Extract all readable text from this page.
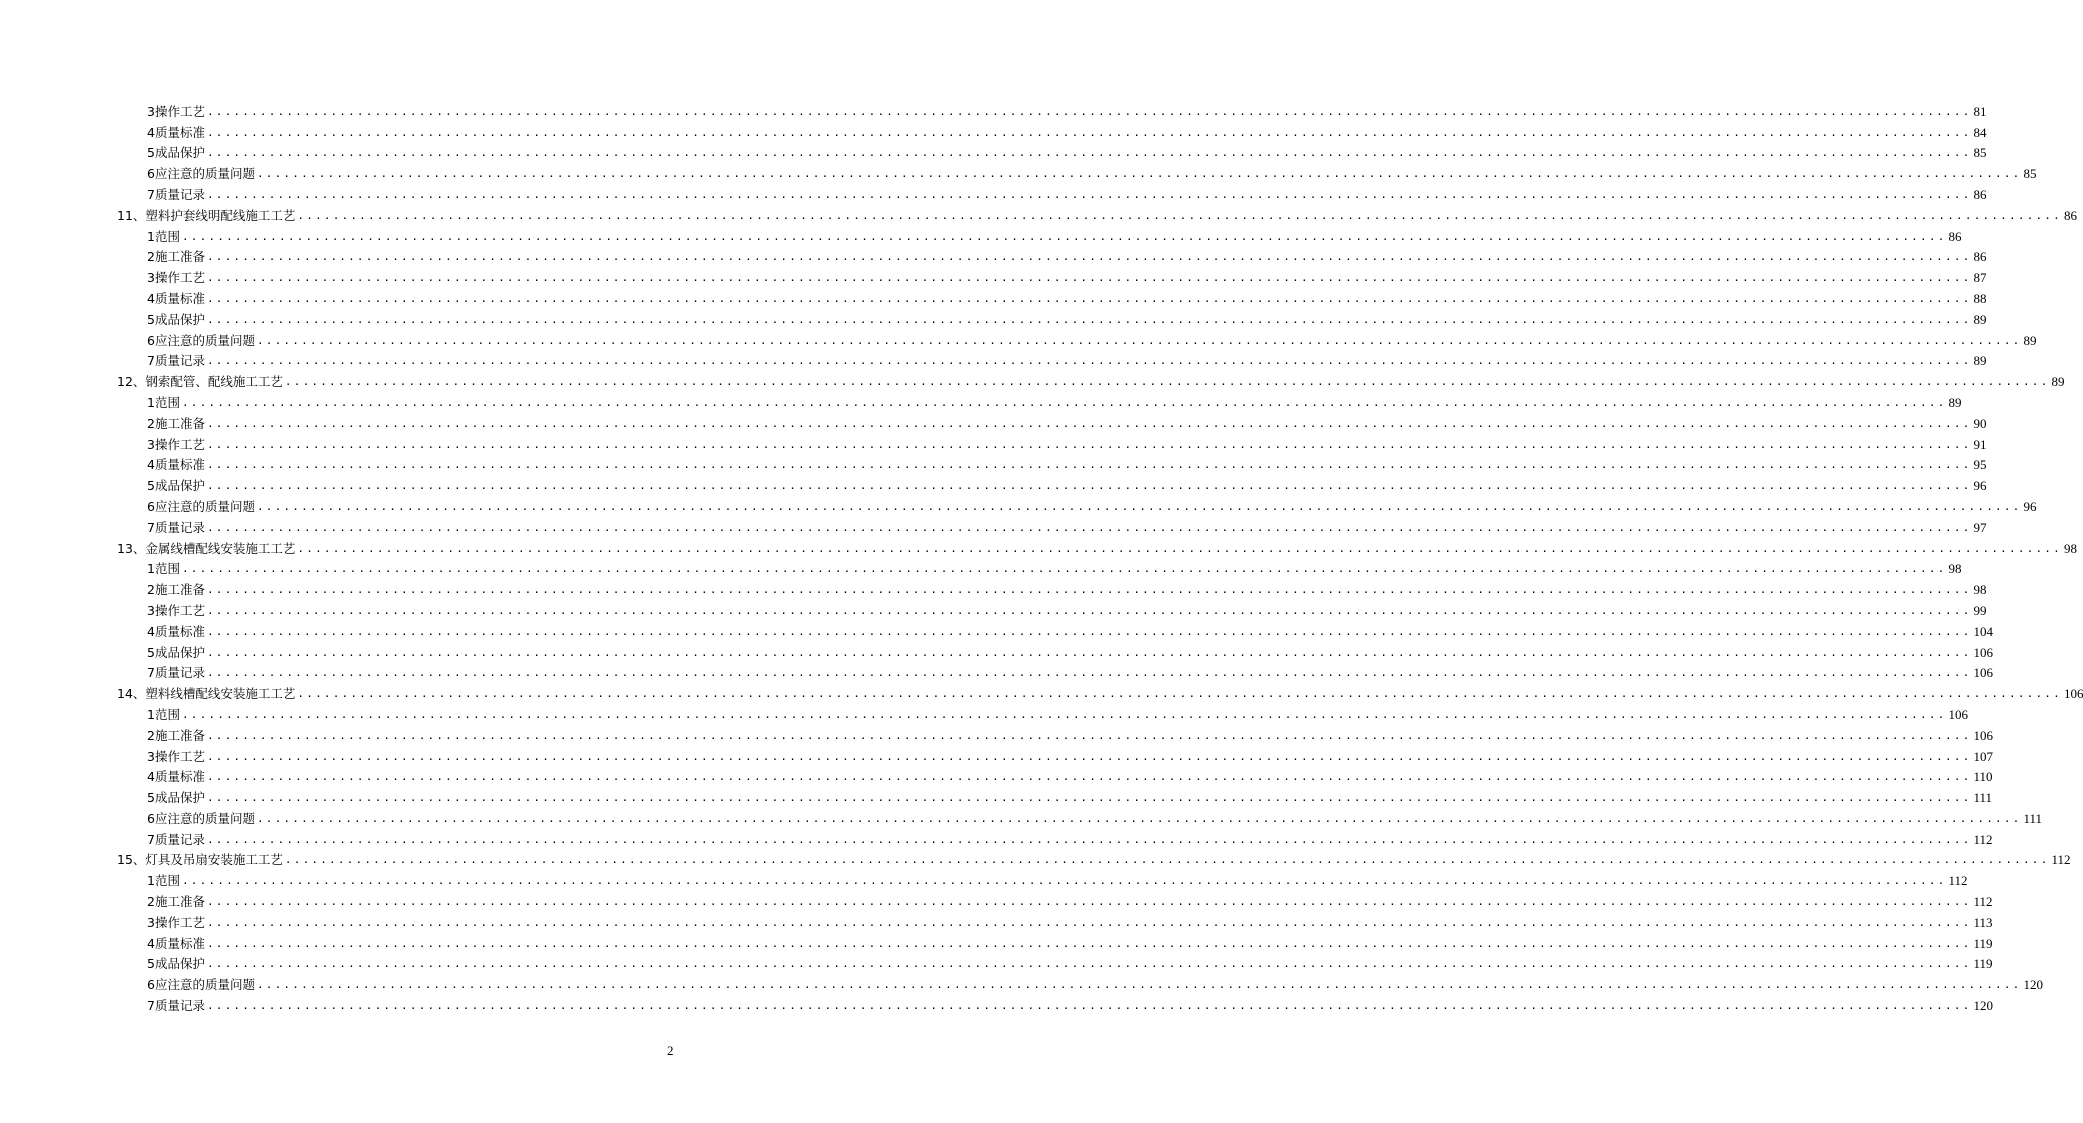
3操作工艺 ........................................................................................................................................................................................................ 81
4质量标准 ........................................................................................................................................................................................................ 84
5成品保护 ........................................................................................................................................................................................................ 85
6应注意的质量问题 ........................................................................................................................................................................................................ 85
7质量记录 ........................................................................................................................................................................................................ 86
11、塑料护套线明配线施工工艺 ........................................................................................................................................................................................................ 86
1范围 ........................................................................................................................................................................................................ 86
2施工准备 ........................................................................................................................................................................................................ 86
3操作工艺 ........................................................................................................................................................................................................ 87
4质量标准 ........................................................................................................................................................................................................ 88
5成品保护 ........................................................................................................................................................................................................ 89
6应注意的质量问题 ........................................................................................................................................................................................................ 89
7质量记录 ........................................................................................................................................................................................................ 89
12、钢索配管、配线施工工艺 ........................................................................................................................................................................................................ 89
1范围 ........................................................................................................................................................................................................ 89
2施工准备 ........................................................................................................................................................................................................ 90
3操作工艺 ........................................................................................................................................................................................................ 91
4质量标准 ........................................................................................................................................................................................................ 95
5成品保护 ........................................................................................................................................................................................................ 96
6应注意的质量问题 ........................................................................................................................................................................................................ 96
7质量记录 ........................................................................................................................................................................................................ 97
13、金属线槽配线安装施工工艺 ........................................................................................................................................................................................................ 98
1范围 ........................................................................................................................................................................................................ 98
2施工准备 ........................................................................................................................................................................................................ 98
3操作工艺 ........................................................................................................................................................................................................ 99
4质量标准 ........................................................................................................................................................................................................ 104
5成品保护 ........................................................................................................................................................................................................ 106
7质量记录 ........................................................................................................................................................................................................ 106
14、塑料线槽配线安装施工工艺 ........................................................................................................................................................................................................ 106
1范围 ........................................................................................................................................................................................................ 106
2施工准备 ........................................................................................................................................................................................................ 106
3操作工艺 ........................................................................................................................................................................................................ 107
4质量标准 ........................................................................................................................................................................................................ 110
5成品保护 ........................................................................................................................................................................................................ 111
6应注意的质量问题 ........................................................................................................................................................................................................ 111
7质量记录 ........................................................................................................................................................................................................ 112
15、灯具及吊扇安装施工工艺 ........................................................................................................................................................................................................ 112
1范围 ........................................................................................................................................................................................................ 112
2施工准备 ........................................................................................................................................................................................................ 112
3操作工艺 ........................................................................................................................................................................................................ 113
4质量标准 ........................................................................................................................................................................................................ 119
5成品保护 ........................................................................................................................................................................................................ 119
6应注意的质量问题 ........................................................................................................................................................................................................ 120
7质量记录 ........................................................................................................................................................................................................ 120
2
